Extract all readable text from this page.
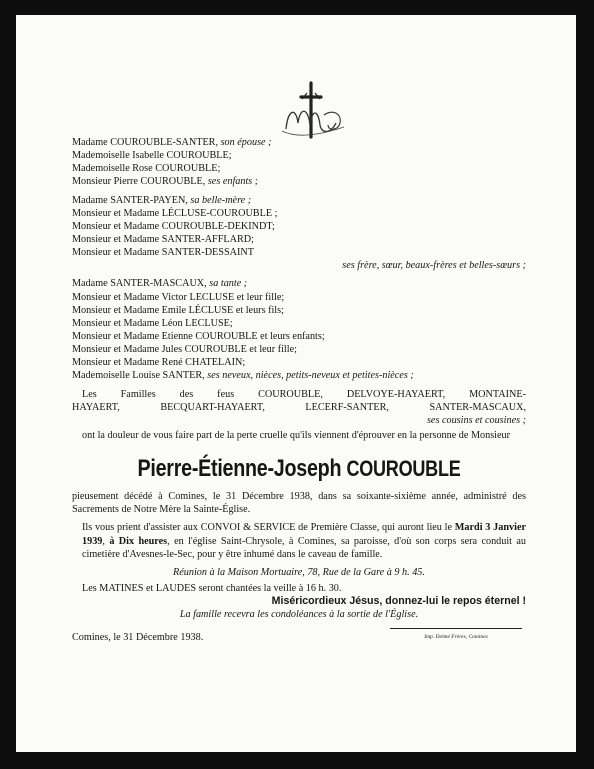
Madame COUROUBLE-SANTER, son épouse ;
Mademoiselle Isabelle COUROUBLE;
Mademoiselle Rose COUROUBLE;
Monsieur Pierre COUROUBLE, ses enfants ;
Madame SANTER-PAYEN, sa belle-mère ;
Monsieur et Madame LÉCLUSE-COUROUBLE ;
Monsieur et Madame COUROUBLE-DEKINDT;
Monsieur et Madame SANTER-AFFLARD;
Monsieur et Madame SANTER-DESSAINT
ses frère, sœur, beaux-frères et belles-sœurs ;
Madame SANTER-MASCAUX, sa tante ;
Monsieur et Madame Victor LECLUSE et leur fille;
Monsieur et Madame Emile LÉCLUSE et leurs fils;
Monsieur et Madame Léon LECLUSE;
Monsieur et Madame Etienne COUROUBLE et leurs enfants;
Monsieur et Madame Jules COUROUBLE et leur fille;
Monsieur et Madame René CHATELAIN;
Mademoiselle Louise SANTER, ses neveux, nièces, petits-neveux et petites-nièces ;
Les Familles des feus COUROUBLE, DELVOYE-HAYAERT, MONTAINE-
HAYAERT, BECQUART-HAYAERT, LECERF-SANTER, SANTER-MASCAUX,
ses cousins et cousines ;
ont la douleur de vous faire part de la perte cruelle qu'ils viennent d'éprouver en la personne de Monsieur
Pierre-Étienne-Joseph COUROUBLE
pieusement décédé à Comines, le 31 Décembre 1938, dans sa soixante-sixième année, administré des Sacrements de Notre Mère la Sainte-Église.
Ils vous prient d'assister aux CONVOI & SERVICE de Première Classe, qui auront lieu le Mardi 3 Janvier 1939, à Dix heures, en l'église Saint-Chrysole, à Comines, sa paroisse, d'où son corps sera conduit au cimetière d'Avesnes-le-Sec, pour y être inhumé dans le caveau de famille.
Réunion à la Maison Mortuaire, 78, Rue de la Gare à 9 h. 45.
Les MATINES et LAUDES seront chantées la veille à 16 h. 30.
Miséricordieux Jésus, donnez-lui le repos éternel !
La famille recevra les condoléances à la sortie de l'Église.
Comines, le 31 Décembre 1938.	Imp. Delmé Frères, Comines
